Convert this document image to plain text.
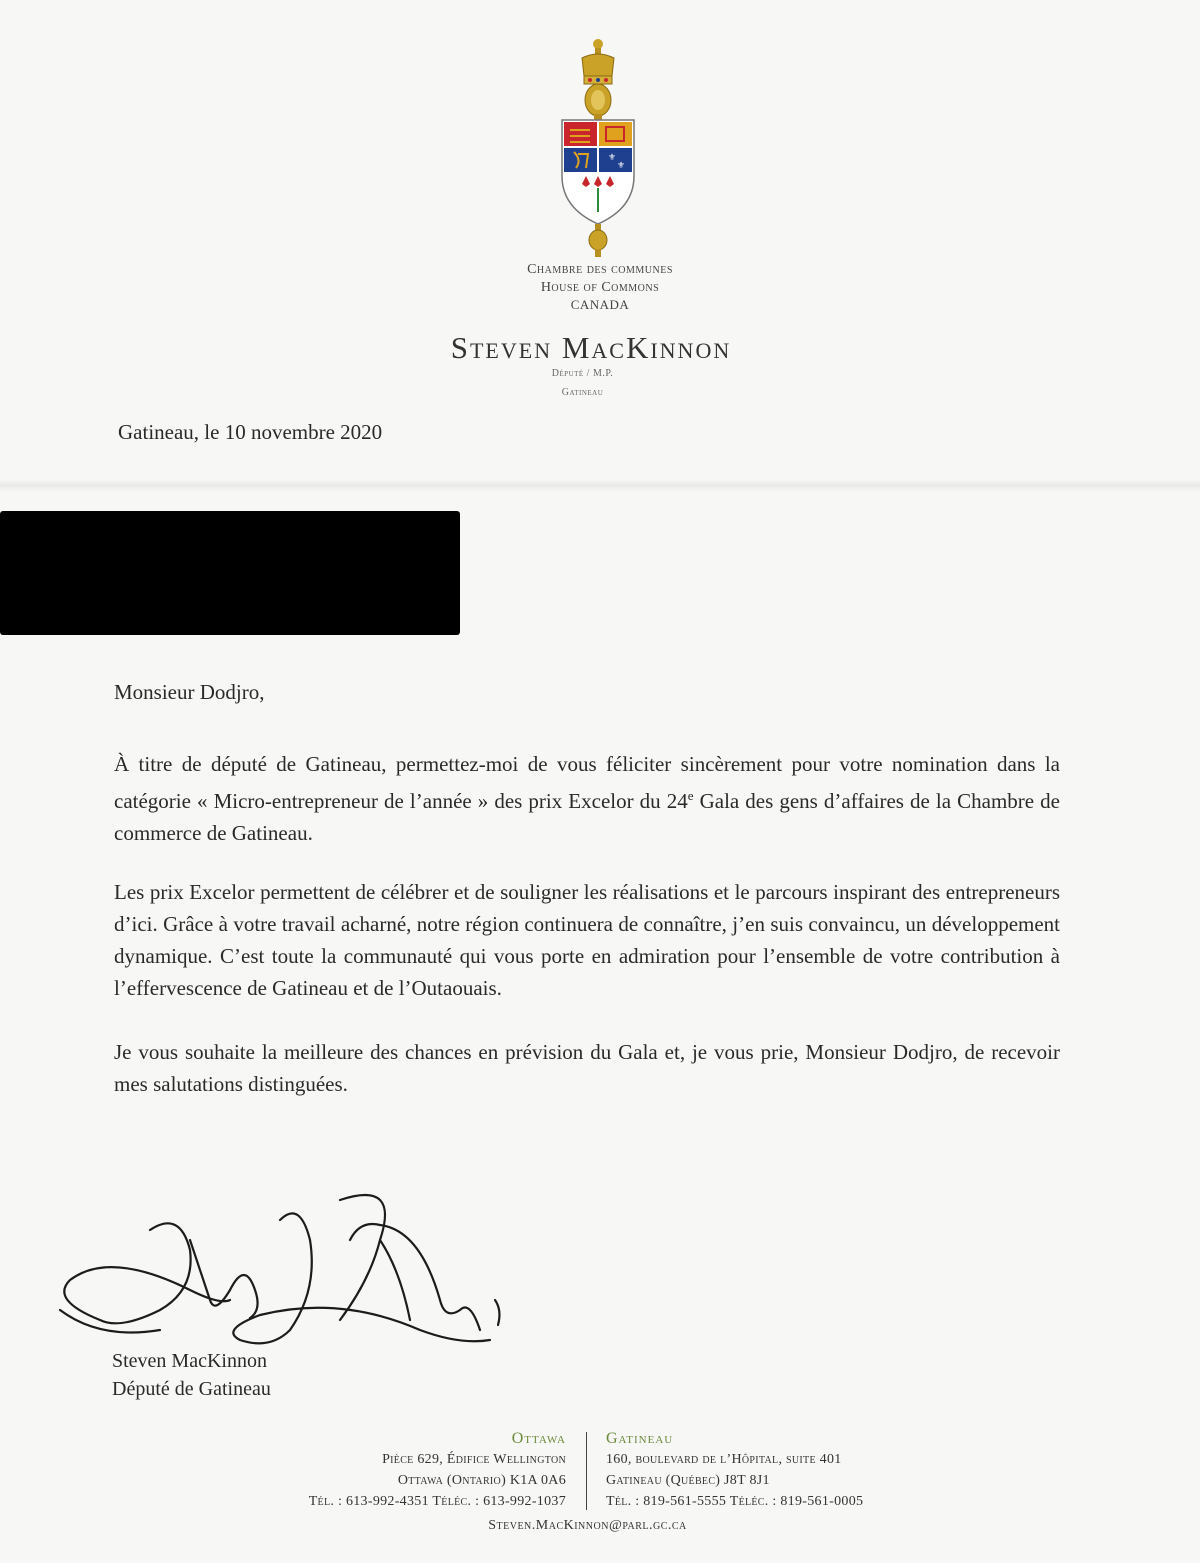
⚜
⚜
Chambre des communes
House of Commons
CANADA
Steven MacKinnon
Député / M.P.
Gatineau
Gatineau, le 10 novembre 2020
Monsieur Dodjro,
À titre de député de Gatineau, permettez-moi de vous féliciter sincèrement pour votre nomination dans la catégorie « Micro-entrepreneur de l’année » des prix Excelor du 24e Gala des gens d’affaires de la Chambre de commerce de Gatineau.
Les prix Excelor permettent de célébrer et de souligner les réalisations et le parcours inspirant des entrepreneurs d’ici. Grâce à votre travail acharné, notre région continuera de connaître, j’en suis convaincu, un développement dynamique. C’est toute la communauté qui vous porte en admiration pour l’ensemble de votre contribution à l’effervescence de Gatineau et de l’Outaouais.
Je vous souhaite la meilleure des chances en prévision du Gala et, je vous prie, Monsieur Dodjro, de recevoir mes salutations distinguées.
Steven MacKinnon
Député de Gatineau
Ottawa
Pièce 629, Édifice Wellington
Ottawa (Ontario) K1A 0A6
Tél. : 613-992-4351 Téléc. : 613-992-1037
Gatineau
160, boulevard de l’Hôpital, suite 401
Gatineau (Québec) J8T 8J1
Tél. : 819-561-5555 Téléc. : 819-561-0005
Steven.MacKinnon@parl.gc.ca
